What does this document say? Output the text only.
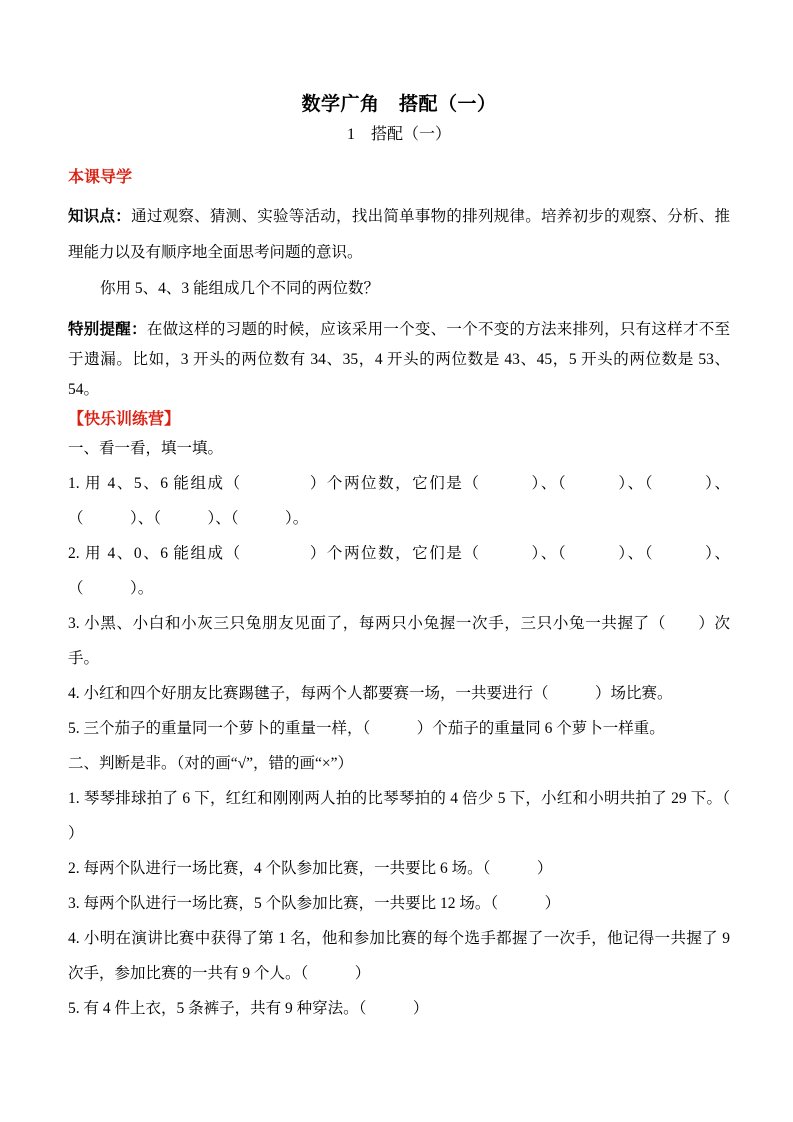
数学广角　搭配（一）
1　搭配（一）
本课导学

知识点：通过观察、猜测、实验等活动，找出简单事物的排列规律。培养初步的观察、分析、推理能力以及有顺序地全面思考问题的意识。

你用 5、4、3 能组成几个不同的两位数？

特别提醒：在做这样的习题的时候，应该采用一个变、一个不变的方法来排列，只有这样才不至于遗漏。比如，3 开头的两位数有 34、35，4 开头的两位数是 43、45，5 开头的两位数是 53、54。

【快乐训练营】
一、看一看，填一填。
1. 用 4、5、6 能组成（　　　　）个两位数，它们是（　　　）、（　　　）、（　　　）、（　　　）、（　　　）、（　　　）。
2. 用 4、0、6 能组成（　　　　）个两位数，它们是（　　　）、（　　　）、（　　　）、（　　　）。
3. 小黑、小白和小灰三只兔朋友见面了，每两只小兔握一次手，三只小兔一共握了（　　）次手。
4. 小红和四个好朋友比赛踢毽子，每两个人都要赛一场，一共要进行（　　　）场比赛。
5. 三个茄子的重量同一个萝卜的重量一样，（　　　）个茄子的重量同 6 个萝卜一样重。
二、判断是非。（对的画“√”，错的画“×”）
1. 琴琴排球拍了 6 下，红红和刚刚两人拍的比琴琴拍的 4 倍少 5 下，小红和小明共拍了 29 下。（ ）
2. 每两个队进行一场比赛，4 个队参加比赛，一共要比 6 场。（　　　）
3. 每两个队进行一场比赛，5 个队参加比赛，一共要比 12 场。（　　　）
4. 小明在演讲比赛中获得了第 1 名，他和参加比赛的每个选手都握了一次手，他记得一共握了 9 次手，参加比赛的一共有 9 个人。（　　　）
5. 有 4 件上衣，5 条裤子，共有 9 种穿法。（　　　）
